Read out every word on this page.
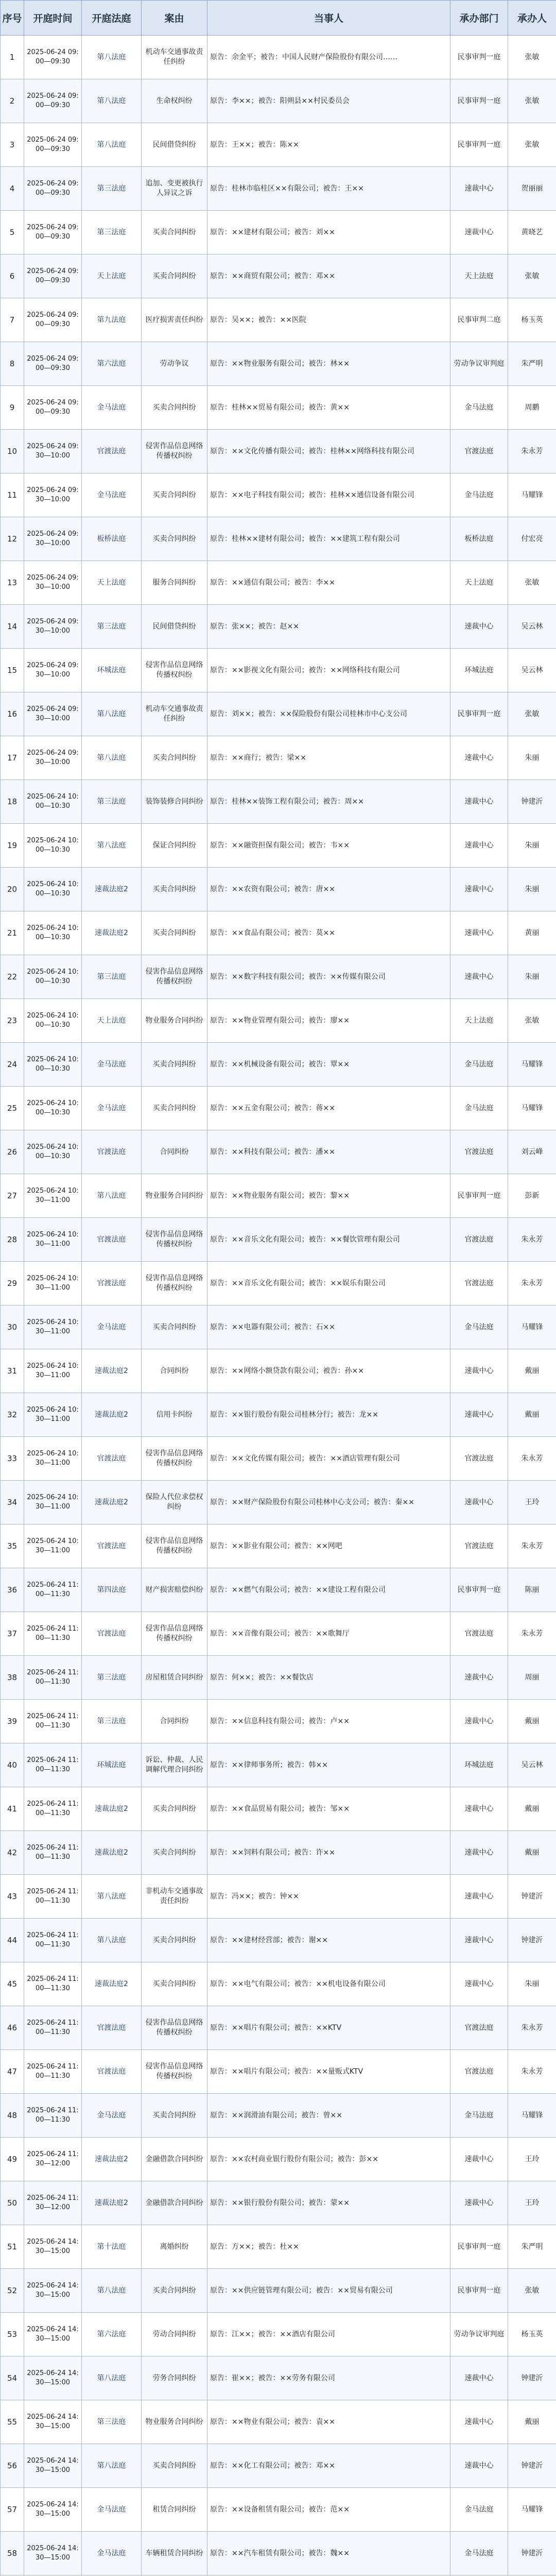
序号	开庭时间	开庭法庭	案由	当事人	承办部门	承办人

1	2025-06-24 09:00—09:30	第八法庭	机动车交通事故责任纠纷	原告：余金平；被告：中国人民财产保险股份有限公司……	民事审判一庭	张敏

2	2025-06-24 09:00—09:30	第八法庭	生命权纠纷	原告：李××；被告：阳朔县××村民委员会	民事审判一庭	张敏

3	2025-06-24 09:00—09:30	第八法庭	民间借贷纠纷	原告：王××；被告：陈××	民事审判一庭	张敏

4	2025-06-24 09:00—09:30	第三法庭	追加、变更被执行人异议之诉	原告：桂林市临桂区××有限公司；被告：王××	速裁中心	贺丽丽

5	2025-06-24 09:00—09:30	第三法庭	买卖合同纠纷	原告：××建材有限公司；被告：刘××	速裁中心	黄晓艺

6	2025-06-24 09:00—09:30	天上法庭	买卖合同纠纷	原告：××商贸有限公司；被告：邓××	天上法庭	张敏

7	2025-06-24 09:00—09:30	第九法庭	医疗损害责任纠纷	原告：吴××；被告：××医院	民事审判二庭	杨玉英

8	2025-06-24 09:00—09:30	第六法庭	劳动争议	原告：××物业服务有限公司；被告：林××	劳动争议审判庭	朱严明

9	2025-06-24 09:00—09:30	金马法庭	买卖合同纠纷	原告：桂林××贸易有限公司；被告：黄××	金马法庭	周鹏

10	2025-06-24 09:30—10:00	官渡法庭	侵害作品信息网络传播权纠纷	原告：××文化传播有限公司；被告：桂林××网络科技有限公司	官渡法庭	朱永芳

11	2025-06-24 09:30—10:00	金马法庭	买卖合同纠纷	原告：××电子科技有限公司；被告：桂林××通信设备有限公司	金马法庭	马耀锋

12	2025-06-24 09:30—10:00	板桥法庭	买卖合同纠纷	原告：桂林××建材有限公司；被告：××建筑工程有限公司	板桥法庭	付宏亮

13	2025-06-24 09:30—10:00	天上法庭	服务合同纠纷	原告：××通信有限公司；被告：李××	天上法庭	张敏

14	2025-06-24 09:30—10:00	第三法庭	民间借贷纠纷	原告：张××；被告：赵××	速裁中心	吴云林

15	2025-06-24 09:30—10:00	环城法庭	侵害作品信息网络传播权纠纷	原告：××影视文化有限公司；被告：××网络科技有限公司	环城法庭	吴云林

16	2025-06-24 09:30—10:00	第八法庭	机动车交通事故责任纠纷	原告：刘××；被告：××保险股份有限公司桂林市中心支公司	民事审判一庭	张敏

17	2025-06-24 09:30—10:00	第八法庭	买卖合同纠纷	原告：××商行；被告：梁××	速裁中心	朱丽

18	2025-06-24 10:00—10:30	第三法庭	装饰装修合同纠纷	原告：桂林××装饰工程有限公司；被告：周××	速裁中心	钟建沂

19	2025-06-24 10:00—10:30	第八法庭	保证合同纠纷	原告：××融资担保有限公司；被告：韦××	速裁中心	朱丽

20	2025-06-24 10:00—10:30	速裁法庭2	买卖合同纠纷	原告：××农资有限公司；被告：唐××	速裁中心	朱丽

21	2025-06-24 10:00—10:30	速裁法庭2	买卖合同纠纷	原告：××食品有限公司；被告：莫××	速裁中心	黄丽

22	2025-06-24 10:00—10:30	第三法庭	侵害作品信息网络传播权纠纷	原告：××数字科技有限公司；被告：××传媒有限公司	速裁中心	朱丽

23	2025-06-24 10:00—10:30	天上法庭	物业服务合同纠纷	原告：××物业管理有限公司；被告：廖××	天上法庭	张敏

24	2025-06-24 10:00—10:30	金马法庭	买卖合同纠纷	原告：××机械设备有限公司；被告：覃××	金马法庭	马耀锋

25	2025-06-24 10:00—10:30	金马法庭	买卖合同纠纷	原告：××五金有限公司；被告：蒋××	金马法庭	马耀锋

26	2025-06-24 10:00—10:30	官渡法庭	合同纠纷	原告：××科技有限公司；被告：潘××	官渡法庭	刘云峰

27	2025-06-24 10:30—11:00	第八法庭	物业服务合同纠纷	原告：××物业服务有限公司；被告：黎××	民事审判一庭	彭新

28	2025-06-24 10:30—11:00	官渡法庭	侵害作品信息网络传播权纠纷	原告：××音乐文化有限公司；被告：××餐饮管理有限公司	官渡法庭	朱永芳

29	2025-06-24 10:30—11:00	官渡法庭	侵害作品信息网络传播权纠纷	原告：××音乐文化有限公司；被告：××娱乐有限公司	官渡法庭	朱永芳

30	2025-06-24 10:30—11:00	金马法庭	买卖合同纠纷	原告：××电器有限公司；被告：石××	金马法庭	马耀锋

31	2025-06-24 10:30—11:00	速裁法庭2	合同纠纷	原告：××网络小额贷款有限公司；被告：孙××	速裁中心	戴丽

32	2025-06-24 10:30—11:00	速裁法庭2	信用卡纠纷	原告：××银行股份有限公司桂林分行；被告：龙××	速裁中心	戴丽

33	2025-06-24 10:30—11:00	官渡法庭	侵害作品信息网络传播权纠纷	原告：××文化传媒有限公司；被告：××酒店管理有限公司	官渡法庭	朱永芳

34	2025-06-24 10:30—11:00	速裁法庭2	保险人代位求偿权纠纷	原告：××财产保险股份有限公司桂林中心支公司；被告：秦××	速裁中心	王玲

35	2025-06-24 10:30—11:00	官渡法庭	侵害作品信息网络传播权纠纷	原告：××影业有限公司；被告：××网吧	官渡法庭	朱永芳

36	2025-06-24 11:00—11:30	第四法庭	财产损害赔偿纠纷	原告：××燃气有限公司；被告：××建设工程有限公司	民事审判一庭	陈丽

37	2025-06-24 11:00—11:30	官渡法庭	侵害作品信息网络传播权纠纷	原告：××音像有限公司；被告：××歌舞厅	官渡法庭	朱永芳

38	2025-06-24 11:00—11:30	第三法庭	房屋租赁合同纠纷	原告：何××；被告：××餐饮店	速裁中心	周丽

39	2025-06-24 11:00—11:30	第三法庭	合同纠纷	原告：××信息科技有限公司；被告：卢××	速裁中心	戴丽

40	2025-06-24 11:00—11:30	环城法庭	诉讼、仲裁、人民调解代理合同纠纷	原告：××律师事务所；被告：韩××	环城法庭	吴云林

41	2025-06-24 11:00—11:30	速裁法庭2	买卖合同纠纷	原告：××食品贸易有限公司；被告：邹××	速裁中心	戴丽

42	2025-06-24 11:00—11:30	速裁法庭2	买卖合同纠纷	原告：××饲料有限公司；被告：许××	速裁中心	戴丽

43	2025-06-24 11:00—11:30	第八法庭	非机动车交通事故责任纠纷	原告：冯××；被告：钟××	速裁中心	钟建沂

44	2025-06-24 11:00—11:30	第八法庭	买卖合同纠纷	原告：××建材经营部；被告：谢××	速裁中心	钟建沂

45	2025-06-24 11:00—11:30	速裁法庭2	买卖合同纠纷	原告：××电气有限公司；被告：××机电设备有限公司	速裁中心	朱丽

46	2025-06-24 11:00—11:30	官渡法庭	侵害作品信息网络传播权纠纷	原告：××唱片有限公司；被告：××KTV	官渡法庭	朱永芳

47	2025-06-24 11:00—11:30	官渡法庭	侵害作品信息网络传播权纠纷	原告：××唱片有限公司；被告：××量贩式KTV	官渡法庭	朱永芳

48	2025-06-24 11:00—11:30	金马法庭	买卖合同纠纷	原告：××润滑油有限公司；被告：曾××	金马法庭	马耀锋

49	2025-06-24 11:30—12:00	速裁法庭2	金融借款合同纠纷	原告：××农村商业银行股份有限公司；被告：彭××	速裁中心	王玲

50	2025-06-24 11:30—12:00	速裁法庭2	金融借款合同纠纷	原告：××银行股份有限公司；被告：蒙××	速裁中心	王玲

51	2025-06-24 14:30—15:00	第十法庭	离婚纠纷	原告：方××；被告：杜××	民事审判一庭	朱严明

52	2025-06-24 14:30—15:00	第八法庭	买卖合同纠纷	原告：××供应链管理有限公司；被告：××贸易有限公司	民事审判一庭	张敏

53	2025-06-24 14:30—15:00	第六法庭	劳动合同纠纷	原告：江××；被告：××酒店有限公司	劳动争议审判庭	杨玉英

54	2025-06-24 14:30—15:00	第八法庭	劳务合同纠纷	原告：崔××；被告：××劳务有限公司	速裁中心	钟建沂

55	2025-06-24 14:30—15:00	第三法庭	物业服务合同纠纷	原告：××物业有限公司；被告：袁××	速裁中心	戴丽

56	2025-06-24 14:30—15:00	第八法庭	买卖合同纠纷	原告：××化工有限公司；被告：邓××	速裁中心	钟建沂

57	2025-06-24 14:30—15:00	金马法庭	租赁合同纠纷	原告：××设备租赁有限公司；被告：范××	金马法庭	马耀锋

58	2025-06-24 14:30—15:00	金马法庭	车辆租赁合同纠纷	原告：××汽车租赁有限公司；被告：魏××	金马法庭	钟建沂
